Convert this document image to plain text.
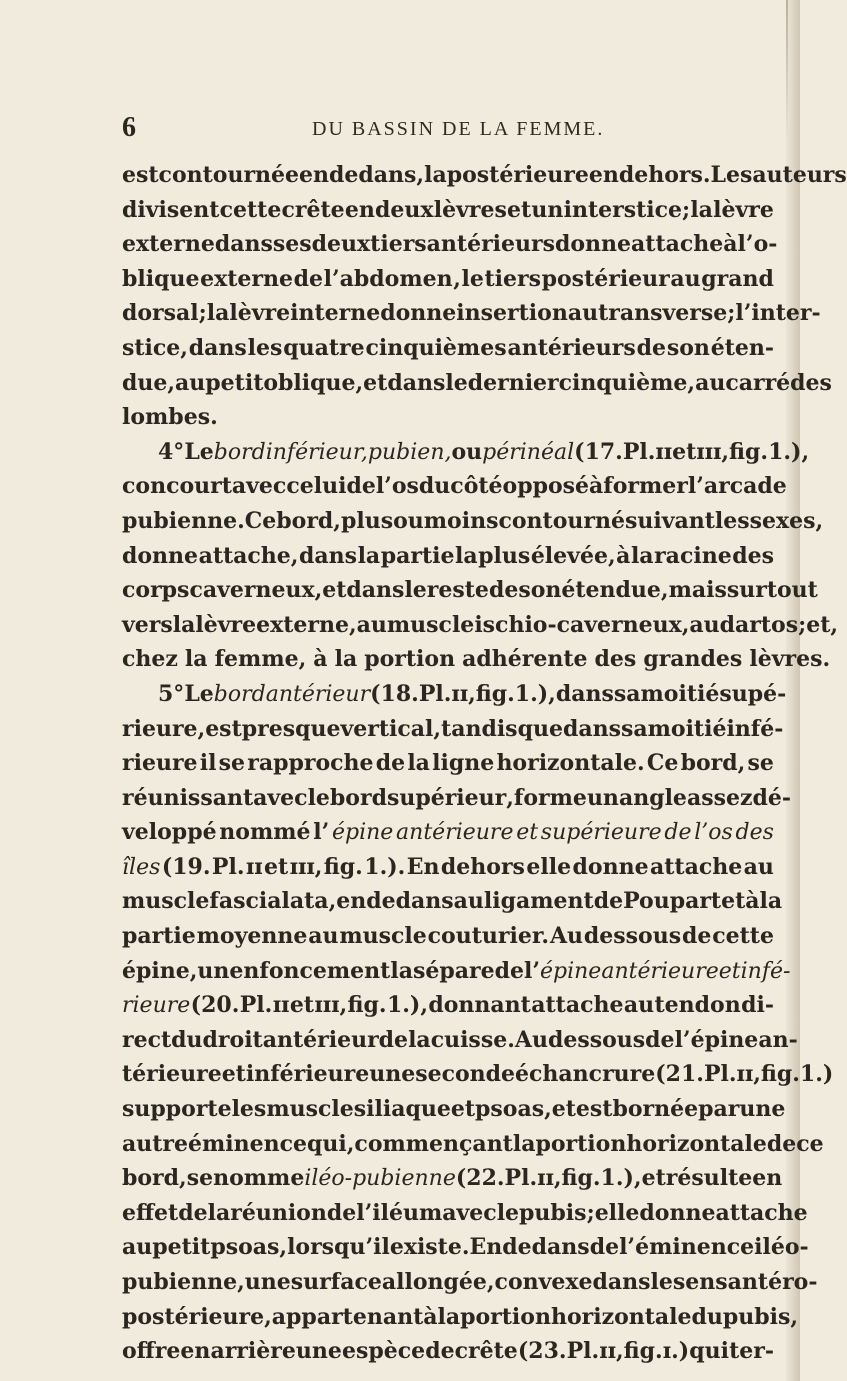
6	DU BASSIN DE LA FEMME.
est contournée en dedans, la postérieure en dehors. Les auteurs
divisent cette crête en deux lèvres et un interstice; la lèvre
externe dans ses deux tiers antérieurs donne attache à l’o-
blique externe de l’abdomen , le tiers postérieur au grand
dorsal ; la lèvre interne donne insertion au transverse ; l’inter-
stice, dans les quatre cinquièmes antérieurs de son éten-
due, au petit oblique, et dans le dernier cinquième, au carré des
lombes.
4° Le bord inférieur, pubien, ou périnéal (17.Pl.ɪɪ et ɪɪɪ,fig.1.),
concourt avec celui de l’os du côté opposé à former l’arcade
pubienne. Ce bord, plus ou moins contourné suivant les sexes,
donne attache, dans la partie la plus élevée, à la racine des
corps caverneux, et dans le reste de son étendue, mais surtout
vers la lèvre externe, au muscle ischio-caverneux, au dartos ; et,
chez la femme, à la portion adhérente des grandes lèvres.
5° Le bord antérieur (18. Pl. ɪɪ, fig. 1.), dans sa moitié supé-
rieure, est presque vertical, tandis que dans sa moitié infé-
rieure il se rapproche de la ligne horizontale. Ce bord, se
réunissant avec le bord supérieur , forme un angle assez dé-
veloppé nommé l’ épine antérieure et supérieure de l’os des
îles (19. Pl. ɪɪ et ɪɪɪ, fig. 1.). En dehors elle donne attache au
muscle fascialata, en dedans au ligament de Poupart et à la
partie moyenne au muscle couturier. Au dessous de cette
épine, un enfoncement la sépare de l’ épine antérieure et infé-
rieure (20. Pl. ɪɪ et ɪɪɪ, fig. 1.), donnant attache au tendon di-
rect du droit antérieur de la cuisse. Au dessous de l’épine an-
térieure et inférieure une seconde échancrure (21. Pl. ɪɪ, fig.1.)
supporte les muscles iliaque et psoas, et est bornée par une
autre éminence qui, commençant la portion horizontale de ce
bord, se nomme iléo-pubienne (22. Pl. ɪɪ, fig. 1.), et résulte en
effet de la réunion de l’iléum avec le pubis ; elle donne attache
au petit psoas, lorsqu’il existe. En dedans de l’éminence iléo-
pubienne, une surface allongée, convexe dans le sens antéro-
postérieure, appartenant à la portion horizontale du pubis,
offre en arrière une espèce de crête (23. Pl. ɪɪ, fig. ɪ.) qui ter-
